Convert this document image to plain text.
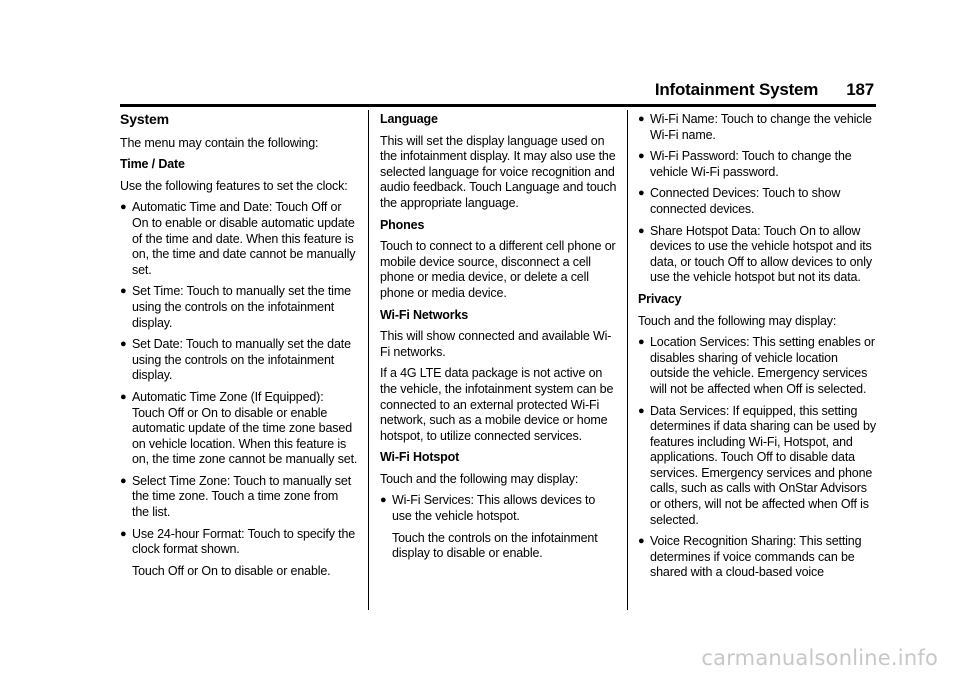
Infotainment System 187
System

The menu may contain the following:

Time / Date

Use the following features to set the clock:

● Automatic Time and Date: Touch Off or On to enable or disable automatic update of the time and date. When this feature is on, the time and date cannot be manually set.
● Set Time: Touch to manually set the time using the controls on the infotainment display.
● Set Date: Touch to manually set the date using the controls on the infotainment display.
● Automatic Time Zone (If Equipped): Touch Off or On to disable or enable automatic update of the time zone based on vehicle location. When this feature is on, the time zone cannot be manually set.
● Select Time Zone: Touch to manually set the time zone. Touch a time zone from the list.
● Use 24-hour Format: Touch to specify the clock format shown.

Touch Off or On to disable or enable.

Language

This will set the display language used on the infotainment display. It may also use the selected language for voice recognition and audio feedback. Touch Language and touch the appropriate language.

Phones

Touch to connect to a different cell phone or mobile device source, disconnect a cell phone or media device, or delete a cell phone or media device.

Wi-Fi Networks

This will show connected and available Wi-Fi networks.

If a 4G LTE data package is not active on the vehicle, the infotainment system can be connected to an external protected Wi-Fi network, such as a mobile device or home hotspot, to utilize connected services.

Wi-Fi Hotspot

Touch and the following may display:

● Wi-Fi Services: This allows devices to use the vehicle hotspot.

Touch the controls on the infotainment display to disable or enable.

● Wi-Fi Name: Touch to change the vehicle Wi-Fi name.
● Wi-Fi Password: Touch to change the vehicle Wi-Fi password.
● Connected Devices: Touch to show connected devices.
● Share Hotspot Data: Touch On to allow devices to use the vehicle hotspot and its data, or touch Off to allow devices to only use the vehicle hotspot but not its data.

Privacy

Touch and the following may display:

● Location Services: This setting enables or disables sharing of vehicle location outside the vehicle. Emergency services will not be affected when Off is selected.
● Data Services: If equipped, this setting determines if data sharing can be used by features including Wi-Fi, Hotspot, and applications. Touch Off to disable data services. Emergency services and phone calls, such as calls with OnStar Advisors or others, will not be affected when Off is selected.
● Voice Recognition Sharing: This setting determines if voice commands can be shared with a cloud-based voice
carmanualsonline.info
